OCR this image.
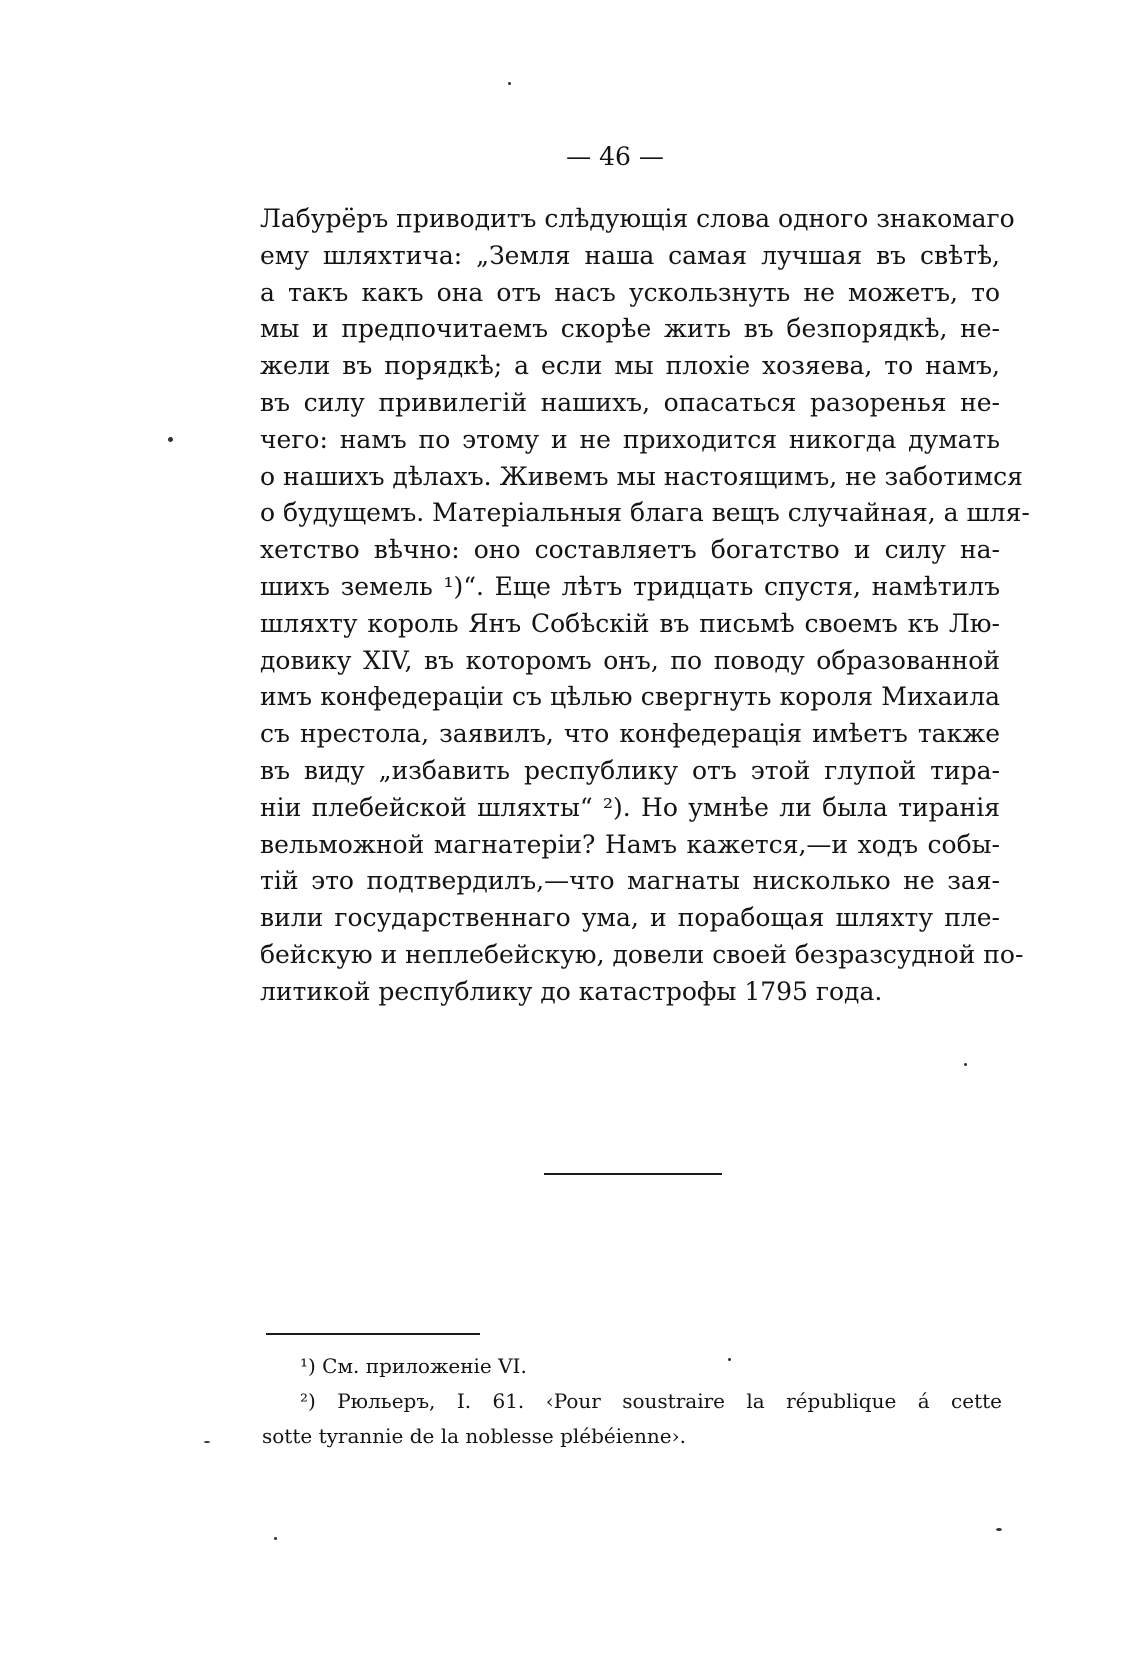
— 46 —
Лабурёръ приводитъ слѣдующія слова одного знакомаго
ему шляхтича: „Земля наша самая лучшая въ свѣтѣ,
а такъ какъ она отъ насъ ускользнуть не можетъ, то
мы и предпочитаемъ скорѣе жить въ безпорядкѣ, не-
жели въ порядкѣ; а если мы плохіе хозяева, то намъ,
въ силу привилегій нашихъ, опасаться разоренья не-
чего: намъ по этому и не приходится никогда думать
о нашихъ дѣлахъ. Живемъ мы настоящимъ, не заботимся
о будущемъ. Матеріальныя блага вещъ случайная, а шля-
хетство вѣчно: оно составляетъ богатство и силу на-
шихъ земель ¹)“. Еще лѣтъ тридцать спустя, намѣтилъ
шляхту король Янъ Собѣскій въ письмѣ своемъ къ Лю-
довику XIV, въ которомъ онъ, по поводу образованной
имъ конфедераціи съ цѣлью свергнуть короля Михаила
съ нрестола, заявилъ, что конфедерація имѣетъ также
въ виду „избавить республику отъ этой глупой тира-
ніи плебейской шляхты“ ²). Но умнѣе ли была тиранія
вельможной магнатеріи? Намъ кажется,—и ходъ собы-
тій это подтвердилъ,—что магнаты нисколько не зая-
вили государственнаго ума, и порабощая шляхту пле-
бейскую и неплебейскую, довели своей безразсудной по-
литикой республику до катастрофы 1795 года.
¹) См. приложеніе VI.
²) Рюльеръ, I. 61. ‹Pour soustraire la république á cette
sotte tyrannie de la noblesse plébéienne›.
